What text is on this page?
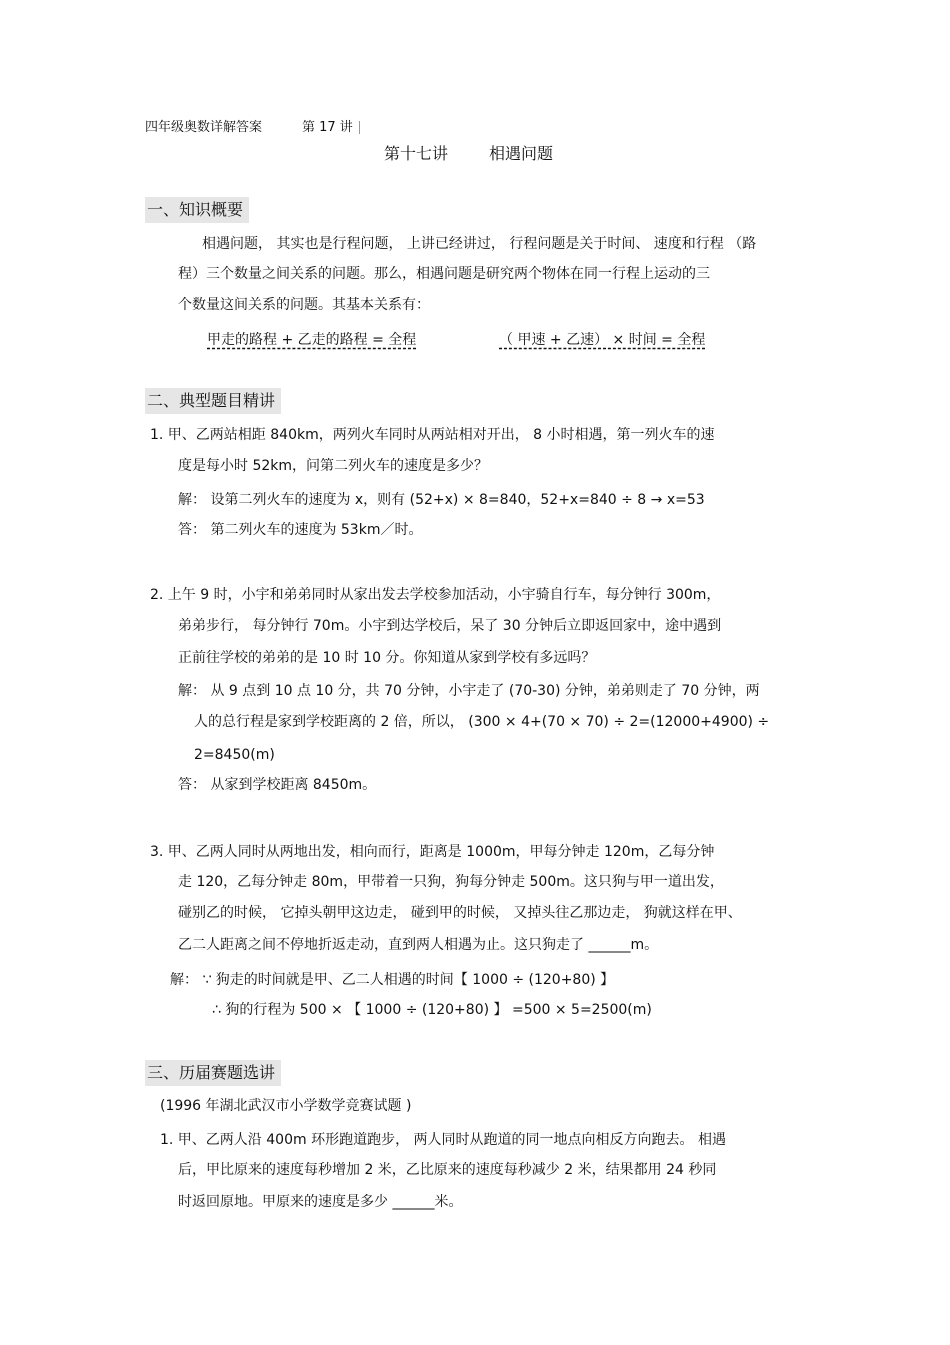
四年级奥数详解答案	第 17 讲
第十七讲	相遇问题
一、知识概要
相遇问题， 其实也是行程问题， 上讲已经讲过， 行程问题是关于时间、 速度和行程 （路
程）三个数量之间关系的问题。那么，相遇问题是研究两个物体在同一行程上运动的三
个数量这间关系的问题。其基本关系有：
甲走的路程 + 乙走的路程 = 全程	（ 甲速 + 乙速） × 时间 = 全程
二、典型题目精讲
1. 甲、乙两站相距 840km，两列火车同时从两站相对开出， 8 小时相遇，第一列火车的速
度是每小时 52km，问第二列火车的速度是多少？
解： 设第二列火车的速度为 x，则有 (52+x) × 8=840，52+x=840 ÷ 8 → x=53
答： 第二列火车的速度为 53km／时。
2. 上午 9 时，小宇和弟弟同时从家出发去学校参加活动，小宇骑自行车，每分钟行 300m，
弟弟步行， 每分钟行 70m。小宇到达学校后，呆了 30 分钟后立即返回家中，途中遇到
正前往学校的弟弟的是 10 时 10 分。你知道从家到学校有多远吗？
解： 从 9 点到 10 点 10 分，共 70 分钟，小宇走了 (70-30) 分钟，弟弟则走了 70 分钟，两
人的总行程是家到学校距离的 2 倍，所以， (300 × 4+(70 × 70) ÷ 2=(12000+4900) ÷
2=8450(m)
答： 从家到学校距离 8450m。
3. 甲、乙两人同时从两地出发，相向而行，距离是 1000m，甲每分钟走 120m，乙每分钟
走 120，乙每分钟走 80m，甲带着一只狗，狗每分钟走 500m。这只狗与甲一道出发，
碰别乙的时候， 它掉头朝甲这边走， 碰到甲的时候， 又掉头往乙那边走， 狗就这样在甲、
乙二人距离之间不停地折返走动，直到两人相遇为止。这只狗走了 ______m。
解： ∵ 狗走的时间就是甲、乙二人相遇的时间【 1000 ÷ (120+80) 】
∴ 狗的行程为 500 × 【 1000 ÷ (120+80) 】 =500 × 5=2500(m)
三、历届赛题选讲
(1996 年湖北武汉市小学数学竞赛试题 )
1. 甲、乙两人沿 400m 环形跑道跑步， 两人同时从跑道的同一地点向相反方向跑去。 相遇
后，甲比原来的速度每秒增加 2 米，乙比原来的速度每秒减少 2 米，结果都用 24 秒同
时返回原地。甲原来的速度是多少 ______米。
